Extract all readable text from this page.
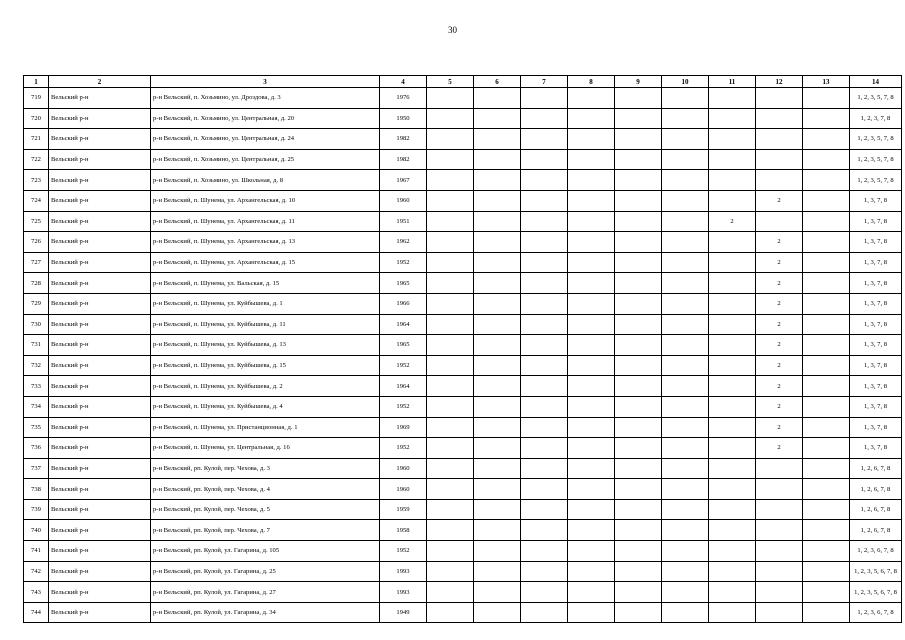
30
1	2	3	4	5	6	7	8	9	10	11	12	13	14
719	Вельский р-н	р-н Вельский, п. Хозьмино, ул. Дроздова, д. 3	1976										1, 2, 3, 5, 7, 8
720	Вельский р-н	р-н Вельский, п. Хозьмино, ул. Центральная, д. 20	1950										1, 2, 3, 7, 8
721	Вельский р-н	р-н Вельский, п. Хозьмино, ул. Центральная, д. 24	1982										1, 2, 3, 5, 7, 8
722	Вельский р-н	р-н Вельский, п. Хозьмино, ул. Центральная, д. 25	1982										1, 2, 3, 5, 7, 8
723	Вельский р-н	р-н Вельский, п. Хозьмино, ул. Школьная, д. 8	1967										1, 2, 3, 5, 7, 8
724	Вельский р-н	р-н Вельский, п. Шунема, ул. Архангельская, д. 10	1960								2		1, 3, 7, 8
725	Вельский р-н	р-н Вельский, п. Шунема, ул. Архангельская, д. 11	1951							2			1, 3, 7, 8
726	Вельский р-н	р-н Вельский, п. Шунема, ул. Архангельская, д. 13	1962								2		1, 3, 7, 8
727	Вельский р-н	р-н Вельский, п. Шунема, ул. Архангельская, д. 15	1952								2		1, 3, 7, 8
728	Вельский р-н	р-н Вельский, п. Шунема, ул. Вальская, д. 15	1965								2		1, 3, 7, 8
729	Вельский р-н	р-н Вельский, п. Шунема, ул. Куйбышева, д. 1	1966								2		1, 3, 7, 8
730	Вельский р-н	р-н Вельский, п. Шунема, ул. Куйбышева, д. 11	1964								2		1, 3, 7, 8
731	Вельский р-н	р-н Вельский, п. Шунема, ул. Куйбышева, д. 13	1965								2		1, 3, 7, 8
732	Вельский р-н	р-н Вельский, п. Шунема, ул. Куйбышева, д. 15	1952								2		1, 3, 7, 8
733	Вельский р-н	р-н Вельский, п. Шунема, ул. Куйбышева, д. 2	1964								2		1, 3, 7, 8
734	Вельский р-н	р-н Вельский, п. Шунема, ул. Куйбышева, д. 4	1952								2		1, 3, 7, 8
735	Вельский р-н	р-н Вельский, п. Шунема, ул. Пристанционная, д. 1	1969								2		1, 3, 7, 8
736	Вельский р-н	р-н Вельский, п. Шунема, ул. Центральная, д. 16	1952								2		1, 3, 7, 8
737	Вельский р-н	р-н Вельский, рп. Кулой, пер. Чехова, д. 3	1960										1, 2, 6, 7, 8
738	Вельский р-н	р-н Вельский, рп. Кулой, пер. Чехова, д. 4	1960										1, 2, 6, 7, 8
739	Вельский р-н	р-н Вельский, рп. Кулой, пер. Чехова, д. 5	1959										1, 2, 6, 7, 8
740	Вельский р-н	р-н Вельский, рп. Кулой, пер. Чехова, д. 7	1958										1, 2, 6, 7, 8
741	Вельский р-н	р-н Вельский, рп. Кулой, ул. Гагарина, д. 105	1952										1, 2, 3, 6, 7, 8
742	Вельский р-н	р-н Вельский, рп. Кулой, ул. Гагарина, д. 25	1993										1, 2, 3, 5, 6, 7, 8
743	Вельский р-н	р-н Вельский, рп. Кулой, ул. Гагарина, д. 27	1993										1, 2, 3, 5, 6, 7, 8
744	Вельский р-н	р-н Вельский, рп. Кулой, ул. Гагарина, д. 34	1949										1, 2, 3, 6, 7, 8
